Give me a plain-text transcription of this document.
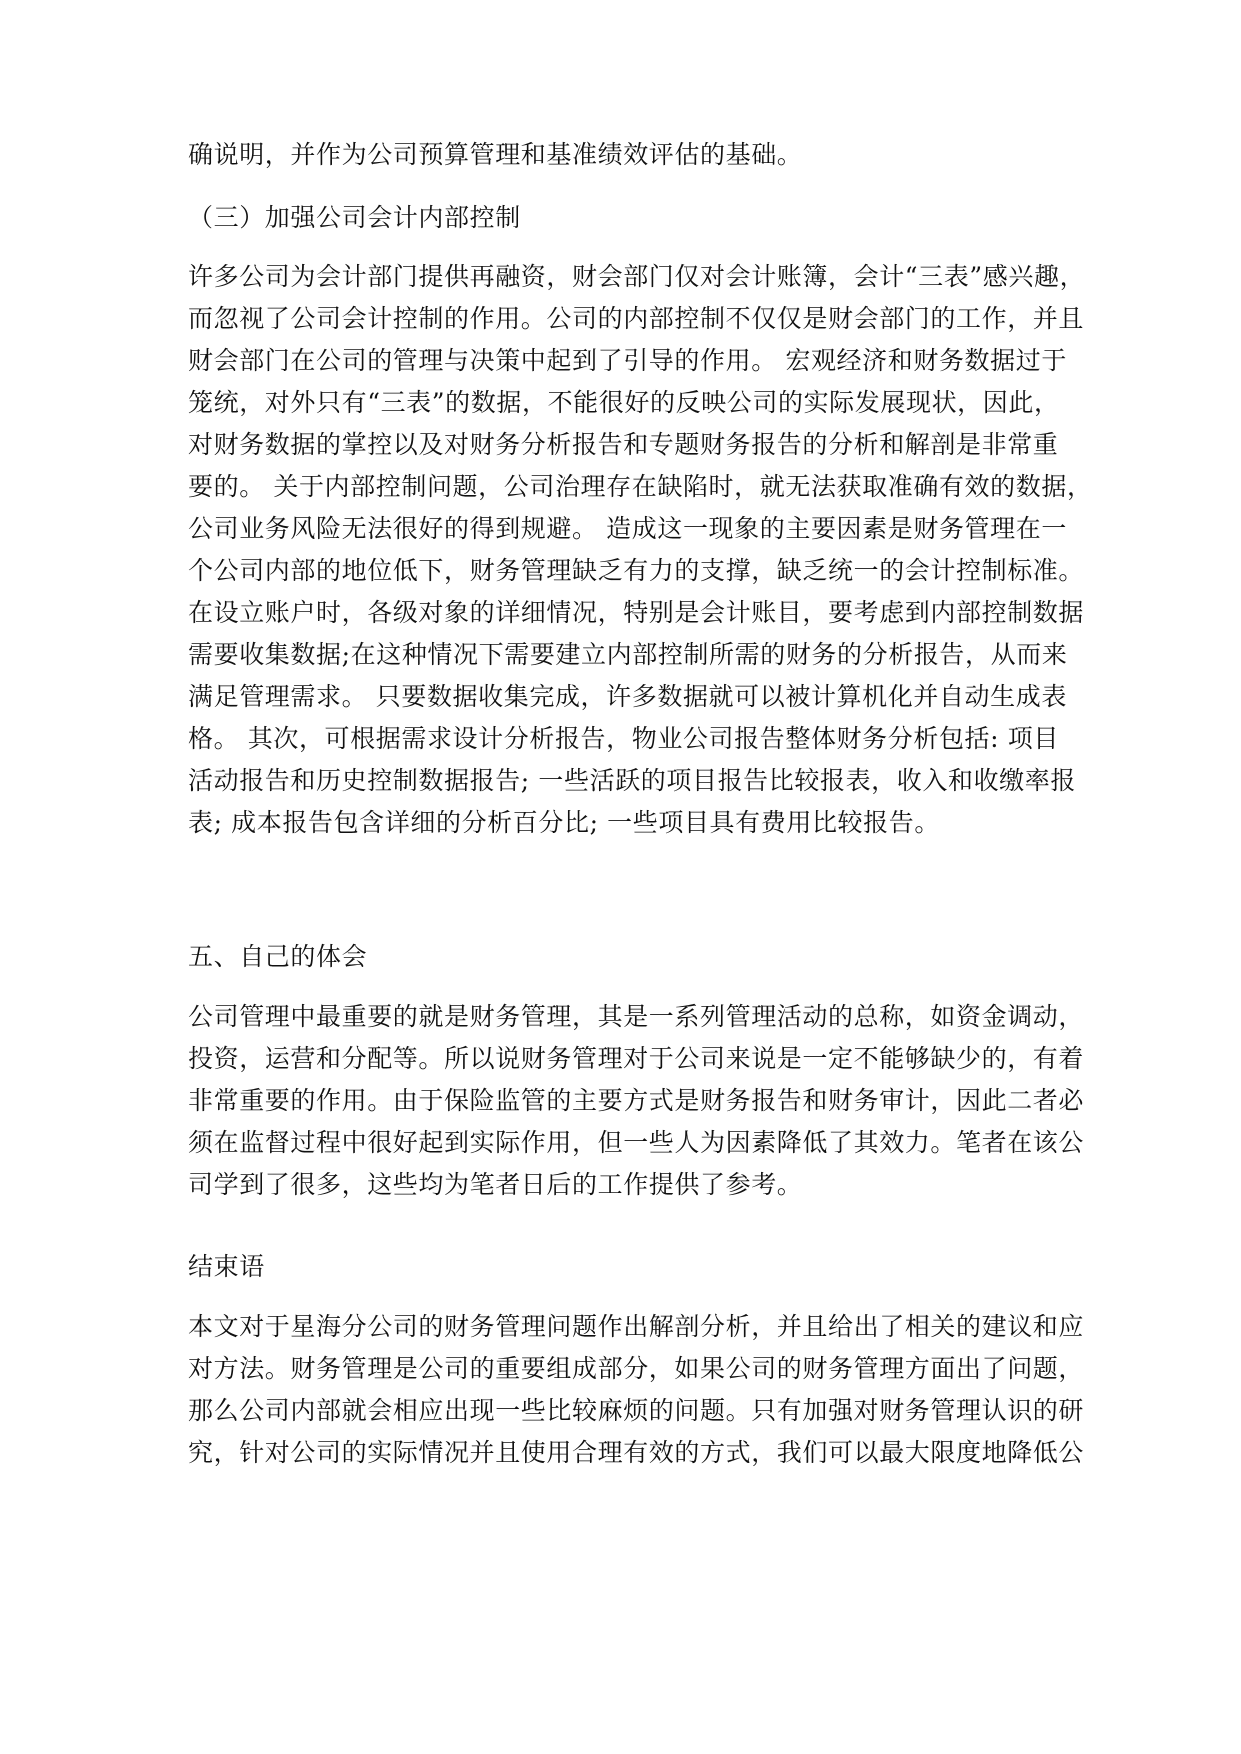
确说明，并作为公司预算管理和基准绩效评估的基础。
（三）加强公司会计内部控制
许多公司为会计部门提供再融资，财会部门仅对会计账簿，会计“三表”感兴趣，
而忽视了公司会计控制的作用。公司的内部控制不仅仅是财会部门的工作，并且
财会部门在公司的管理与决策中起到了引导的作用。 宏观经济和财务数据过于
笼统，对外只有“三表”的数据，不能很好的反映公司的实际发展现状，因此，
对财务数据的掌控以及对财务分析报告和专题财务报告的分析和解剖是非常重
要的。 关于内部控制问题，公司治理存在缺陷时，就无法获取准确有效的数据，
公司业务风险无法很好的得到规避。 造成这一现象的主要因素是财务管理在一
个公司内部的地位低下，财务管理缺乏有力的支撑，缺乏统一的会计控制标准。
在设立账户时，各级对象的详细情况，特别是会计账目，要考虑到内部控制数据
需要收集数据;在这种情况下需要建立内部控制所需的财务的分析报告，从而来
满足管理需求。 只要数据收集完成，许多数据就可以被计算机化并自动生成表
格。 其次，可根据需求设计分析报告，物业公司报告整体财务分析包括: 项目
活动报告和历史控制数据报告; 一些活跃的项目报告比较报表，收入和收缴率报
表; 成本报告包含详细的分析百分比; 一些项目具有费用比较报告。
五、自己的体会
公司管理中最重要的就是财务管理，其是一系列管理活动的总称，如资金调动，
投资，运营和分配等。所以说财务管理对于公司来说是一定不能够缺少的，有着
非常重要的作用。由于保险监管的主要方式是财务报告和财务审计，因此二者必
须在监督过程中很好起到实际作用，但一些人为因素降低了其效力。笔者在该公
司学到了很多，这些均为笔者日后的工作提供了参考。
结束语
本文对于星海分公司的财务管理问题作出解剖分析，并且给出了相关的建议和应
对方法。财务管理是公司的重要组成部分，如果公司的财务管理方面出了问题，
那么公司内部就会相应出现一些比较麻烦的问题。只有加强对财务管理认识的研
究，针对公司的实际情况并且使用合理有效的方式，我们可以最大限度地降低公
